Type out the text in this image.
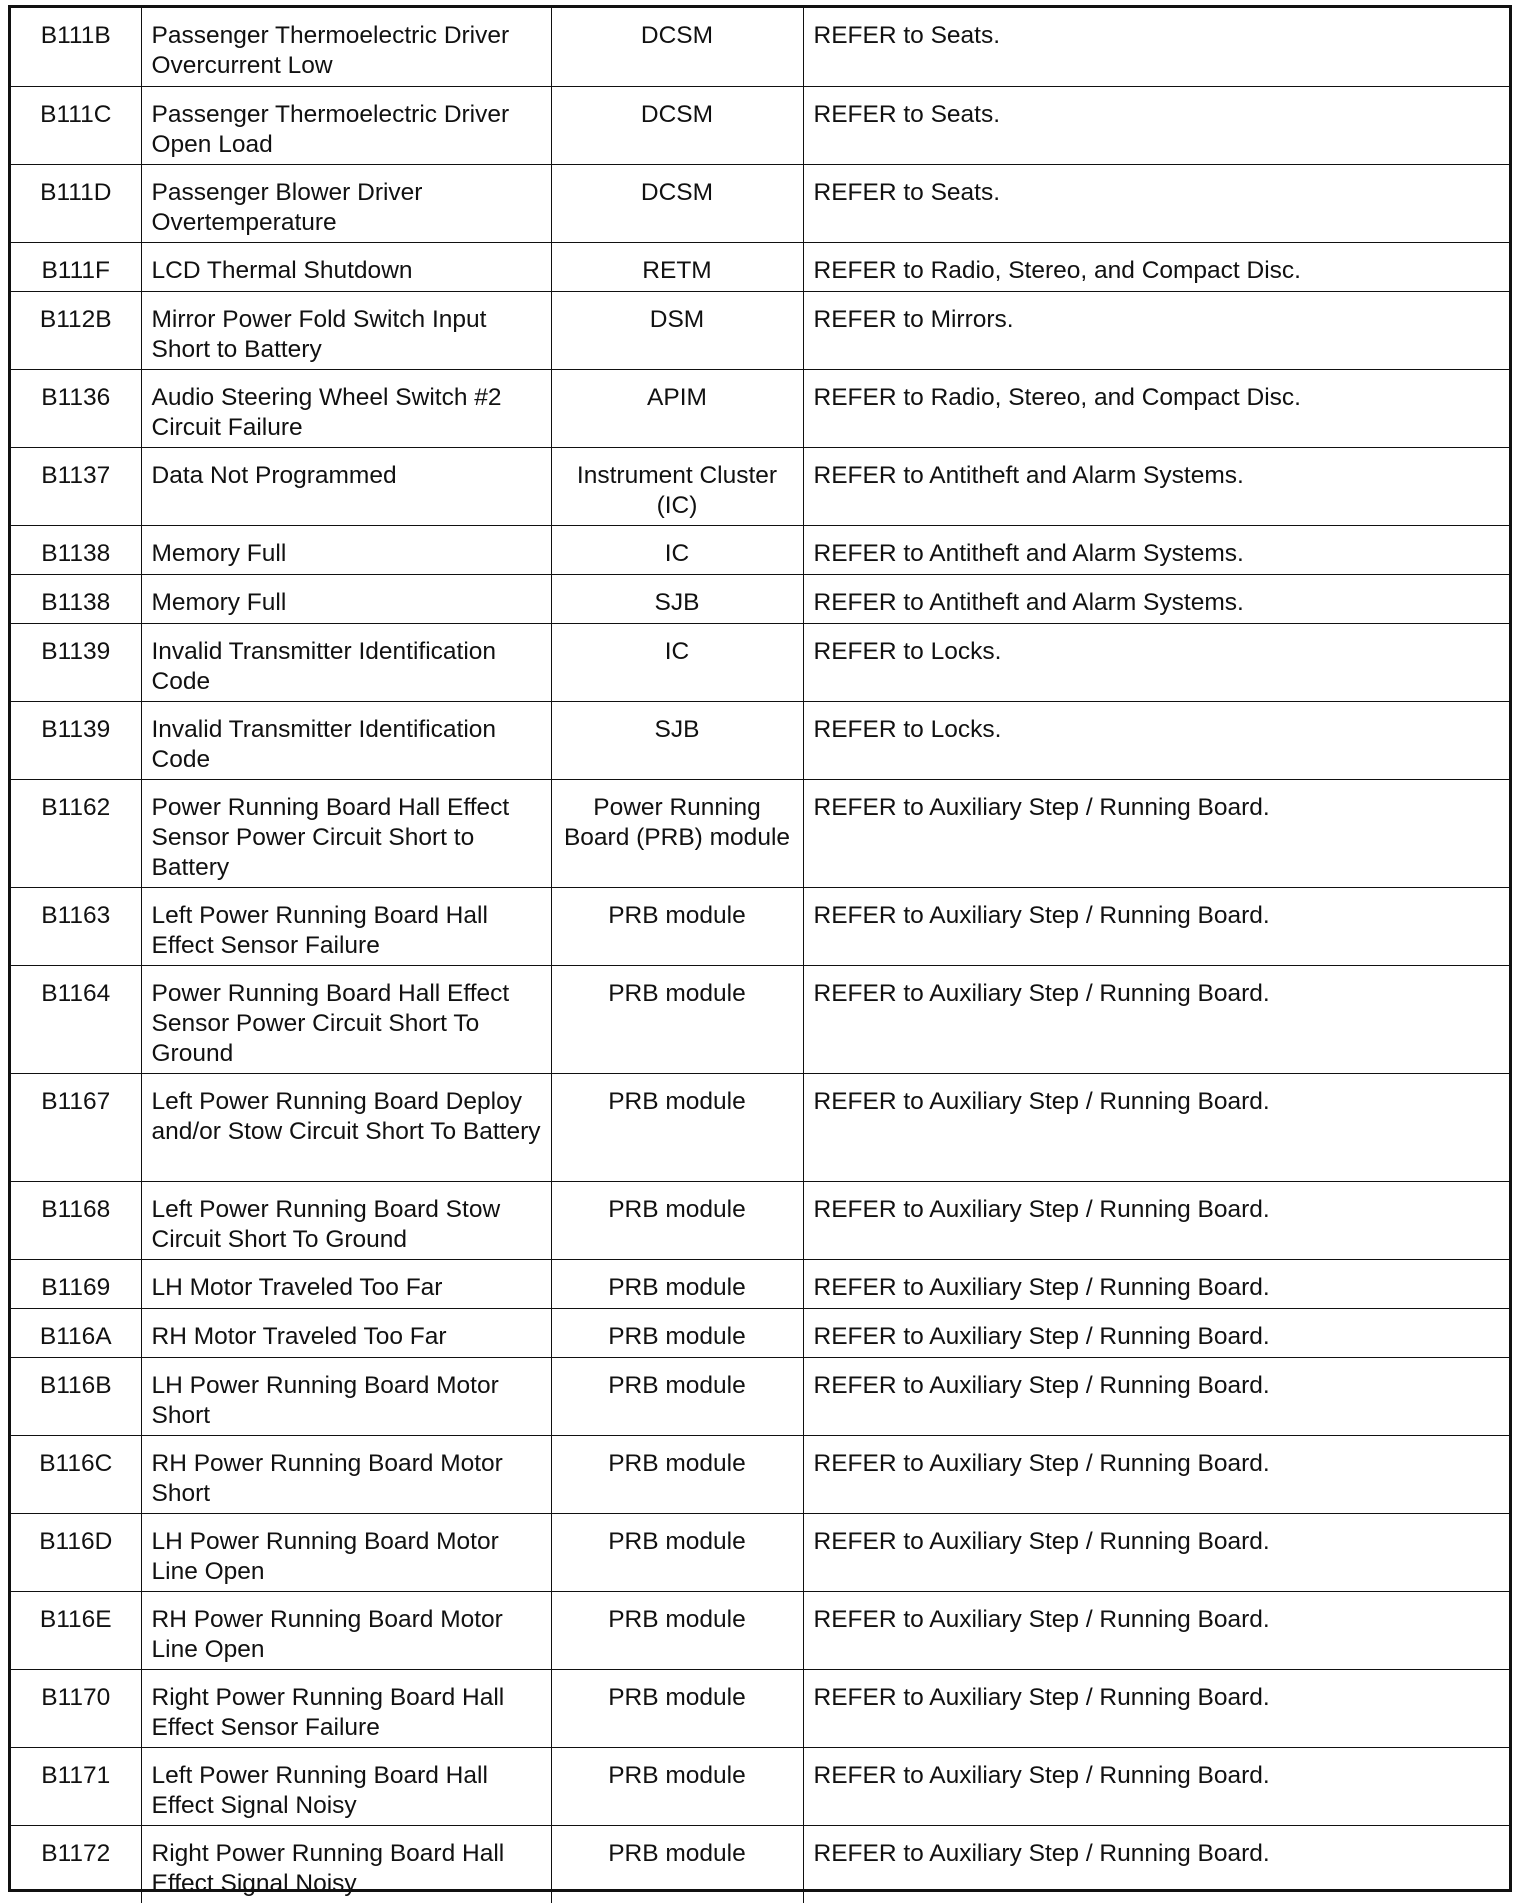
B111B	Passenger Thermoelectric Driver Overcurrent Low	DCSM	REFER to Seats.
B111C	Passenger Thermoelectric Driver Open Load	DCSM	REFER to Seats.
B111D	Passenger Blower Driver Overtemperature	DCSM	REFER to Seats.
B111F	LCD Thermal Shutdown	RETM	REFER to Radio, Stereo, and Compact Disc.
B112B	Mirror Power Fold Switch Input Short to Battery	DSM	REFER to Mirrors.
B1136	Audio Steering Wheel Switch #2 Circuit Failure	APIM	REFER to Radio, Stereo, and Compact Disc.
B1137	Data Not Programmed	Instrument Cluster (IC)	REFER to Antitheft and Alarm Systems.
B1138	Memory Full	IC	REFER to Antitheft and Alarm Systems.
B1138	Memory Full	SJB	REFER to Antitheft and Alarm Systems.
B1139	Invalid Transmitter Identification Code	IC	REFER to Locks.
B1139	Invalid Transmitter Identification Code	SJB	REFER to Locks.
B1162	Power Running Board Hall Effect Sensor Power Circuit Short to Battery	Power Running Board (PRB) module	REFER to Auxiliary Step / Running Board.
B1163	Left Power Running Board Hall Effect Sensor Failure	PRB module	REFER to Auxiliary Step / Running Board.
B1164	Power Running Board Hall Effect Sensor Power Circuit Short To Ground	PRB module	REFER to Auxiliary Step / Running Board.
B1167	Left Power Running Board Deploy and/or Stow Circuit Short To Battery	PRB module	REFER to Auxiliary Step / Running Board.
B1168	Left Power Running Board Stow Circuit Short To Ground	PRB module	REFER to Auxiliary Step / Running Board.
B1169	LH Motor Traveled Too Far	PRB module	REFER to Auxiliary Step / Running Board.
B116A	RH Motor Traveled Too Far	PRB module	REFER to Auxiliary Step / Running Board.
B116B	LH Power Running Board Motor Short	PRB module	REFER to Auxiliary Step / Running Board.
B116C	RH Power Running Board Motor Short	PRB module	REFER to Auxiliary Step / Running Board.
B116D	LH Power Running Board Motor Line Open	PRB module	REFER to Auxiliary Step / Running Board.
B116E	RH Power Running Board Motor Line Open	PRB module	REFER to Auxiliary Step / Running Board.
B1170	Right Power Running Board Hall Effect Sensor Failure	PRB module	REFER to Auxiliary Step / Running Board.
B1171	Left Power Running Board Hall Effect Signal Noisy	PRB module	REFER to Auxiliary Step / Running Board.
B1172	Right Power Running Board Hall Effect Signal Noisy	PRB module	REFER to Auxiliary Step / Running Board.
